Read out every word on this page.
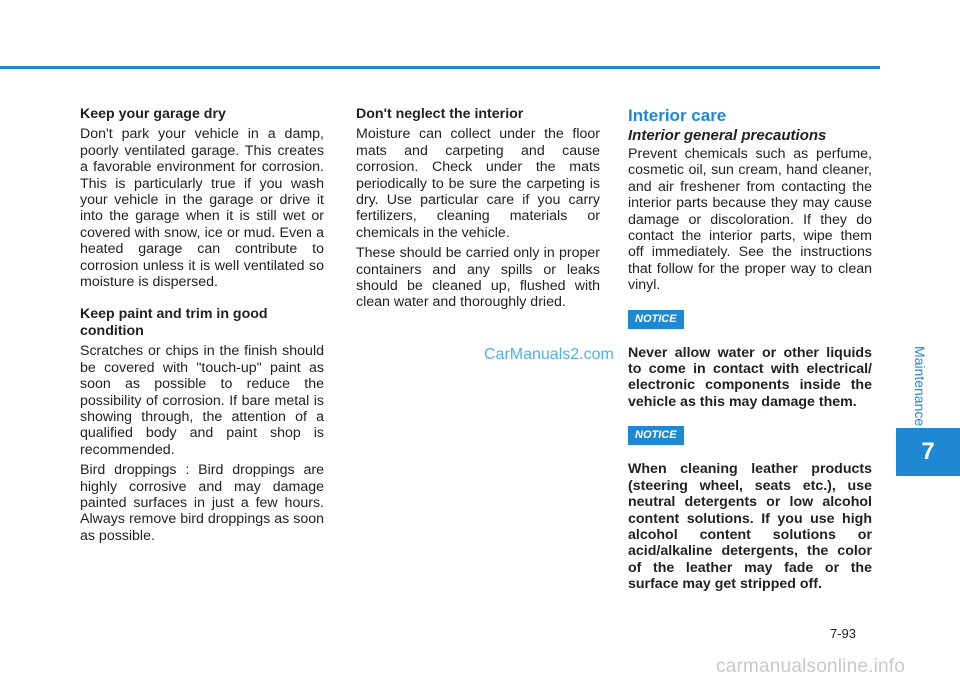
Keep your garage dry

Don't park your vehicle in a damp, poorly ventilated garage. This creates a favorable environment for corrosion. This is particularly true if you wash your vehicle in the garage or drive it into the garage when it is still wet or covered with snow, ice or mud. Even a heated garage can contribute to corrosion unless it is well ventilated so moisture is dispersed.

Keep paint and trim in good condition

Scratches or chips in the finish should be covered with "touch-up" paint as soon as possible to reduce the possibility of corrosion. If bare metal is showing through, the attention of a qualified body and paint shop is recommended.

Bird droppings : Bird droppings are highly corrosive and may damage painted surfaces in just a few hours. Always remove bird droppings as soon as possible.

Don't neglect the interior

Moisture can collect under the floor mats and carpeting and cause corrosion. Check under the mats periodically to be sure the carpeting is dry. Use particular care if you carry fertilizers, cleaning materials or chemicals in the vehicle.

These should be carried only in proper containers and any spills or leaks should be cleaned up, flushed with clean water and thoroughly dried.

Interior care

Interior general precautions

Prevent chemicals such as perfume, cosmetic oil, sun cream, hand cleaner, and air freshener from contacting the interior parts because they may cause damage or discoloration. If they do contact the interior parts, wipe them off immediately. See the instructions that follow for the proper way to clean vinyl.

NOTICE

Never allow water or other liquids to come in contact with electrical/ electronic components inside the vehicle as this may damage them.

NOTICE

When cleaning leather products (steering wheel, seats etc.), use neutral detergents or low alcohol content solutions. If you use high alcohol content solutions or acid/alkaline detergents, the color of the leather may fade or the surface may get stripped off.

CarManuals2.com	Maintenance
7
7-93
carmanualsonline.info
